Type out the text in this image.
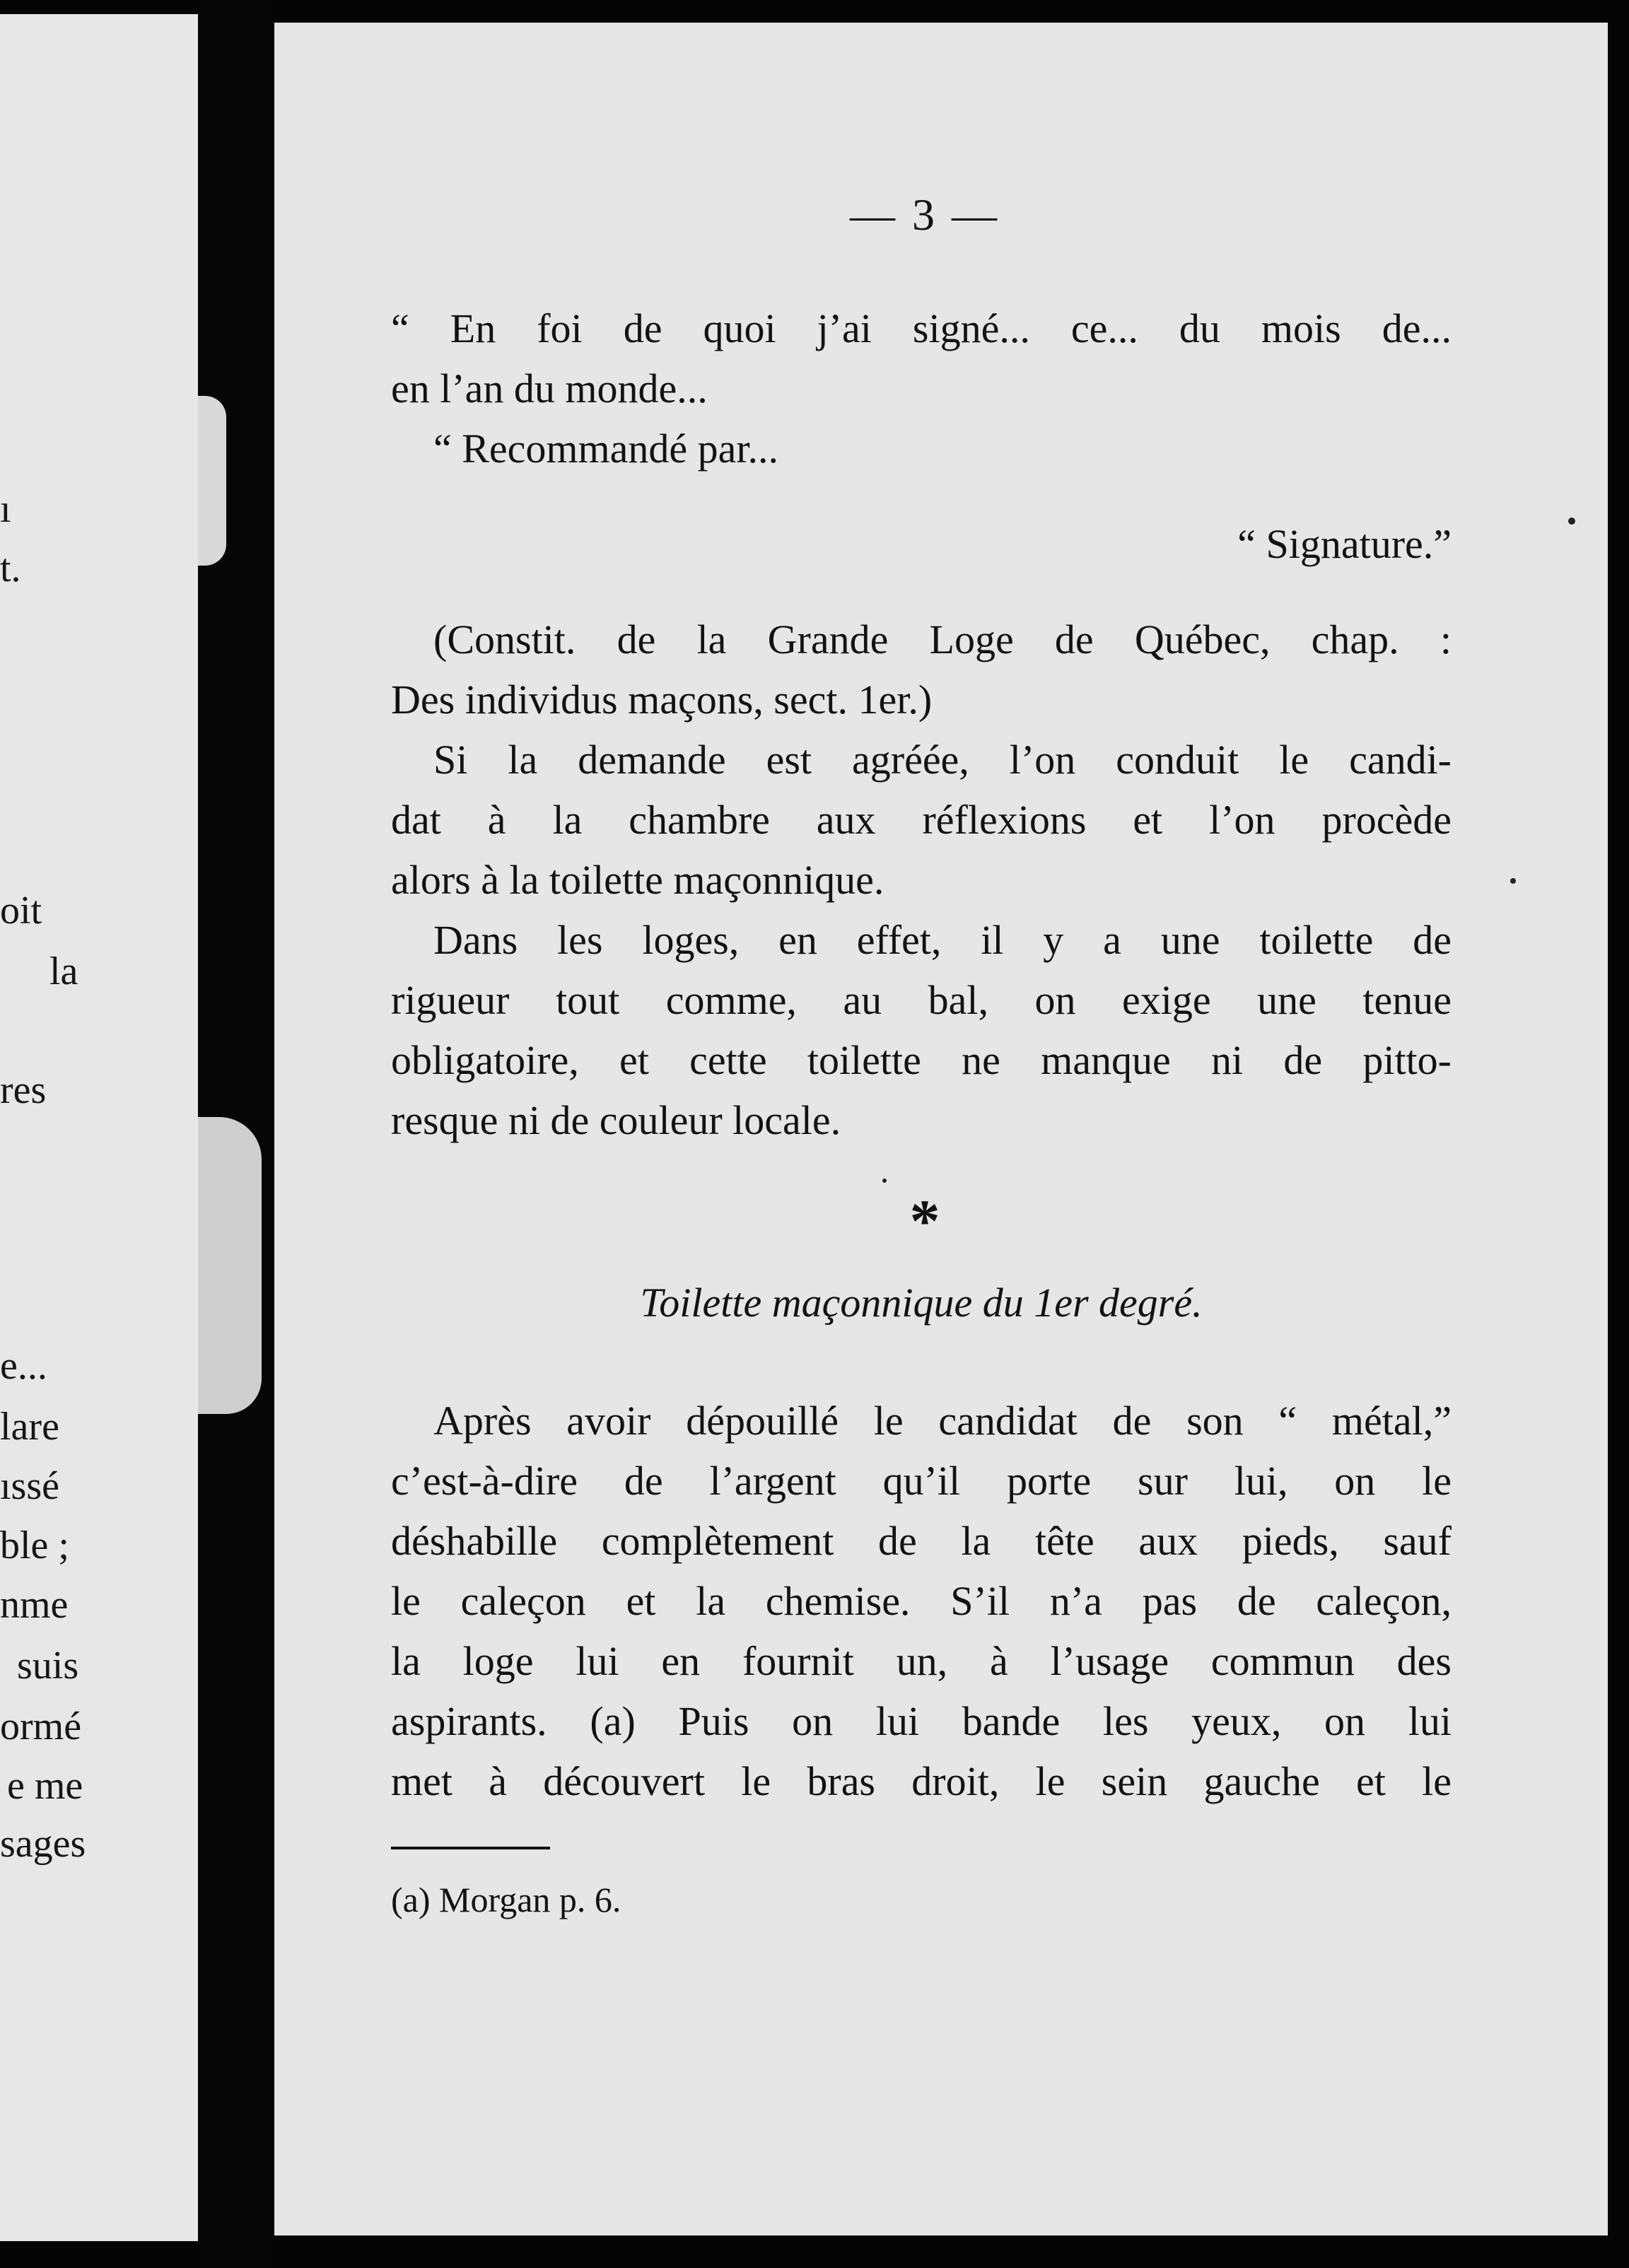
ı
t.
oit
la
res
e...
lare
ıssé
ble ;
nme
suis
ormé
e me
sages
— 3 —
“ En foi de quoi j’ai signé... ce... du mois de...
en l’an du monde...
“ Recommandé par...
“ Signature.”
(Constit. de la Grande Loge de Québec, chap. :
Des individus maçons, sect. 1er.)
Si la demande est agréée, l’on conduit le candi-
dat à la chambre aux réflexions et l’on procède
alors à la toilette maçonnique.
Dans les loges, en effet, il y a une toilette de
rigueur tout comme, au bal, on exige une tenue
obligatoire, et cette toilette ne manque ni de pitto-
resque ni de couleur locale.
*
Toilette maçonnique du 1er degré.
Après avoir dépouillé le candidat de son “ métal,”
c’est-à-dire de l’argent qu’il porte sur lui, on le
déshabille complètement de la tête aux pieds, sauf
le caleçon et la chemise. S’il n’a pas de caleçon,
la loge lui en fournit un, à l’usage commun des
aspirants. (a) Puis on lui bande les yeux, on lui
met à découvert le bras droit, le sein gauche et le
(a) Morgan p. 6.
